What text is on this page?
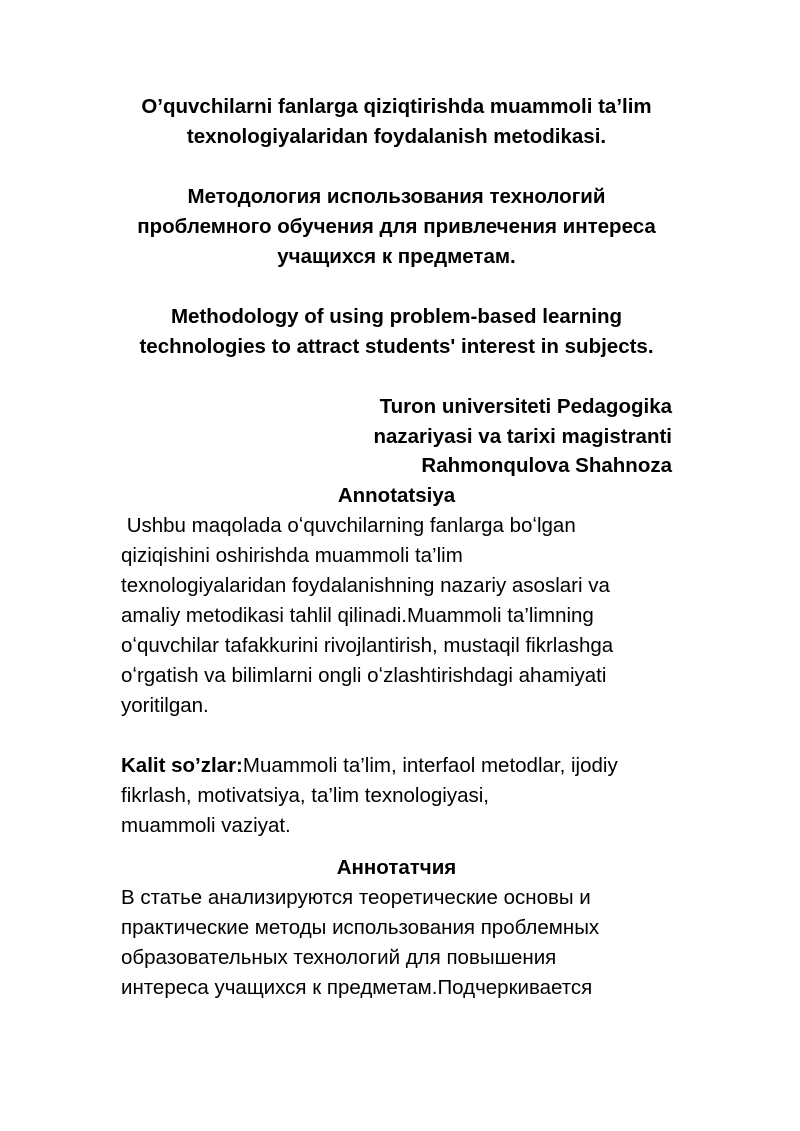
O’quvchilarni fanlarga qiziqtirishda muammoli ta’lim
texnologiyalaridan foydalanish metodikasi.
Методология использования технологий
проблемного обучения для привлечения интереса
учащихся к предметам.
Methodology of using problem-based learning
technologies to attract students' interest in subjects.
Turon universiteti Pedagogika
nazariyasi va tarixi magistranti
Rahmonqulova Shahnoza
Annotatsiya
Ushbu maqolada oʻquvchilarning fanlarga boʻlgan
qiziqishini oshirishda muammoli ta’lim
texnologiyalaridan foydalanishning nazariy asoslari va
amaliy metodikasi tahlil qilinadi.Muammoli ta’limning
oʻquvchilar tafakkurini rivojlantirish, mustaqil fikrlashga
oʻrgatish va bilimlarni ongli oʻzlashtirishdagi ahamiyati
yoritilgan.
Kalit so’zlar:Muammoli ta’lim, interfaol metodlar, ijodiy
fikrlash, motivatsiya, ta’lim texnologiyasi,
muammoli vaziyat.
Аннотатчия
В статье анализируются теоретические основы и
практические методы использования проблемных
образовательных технологий для повышения
интереса учащихся к предметам.Подчеркивается
